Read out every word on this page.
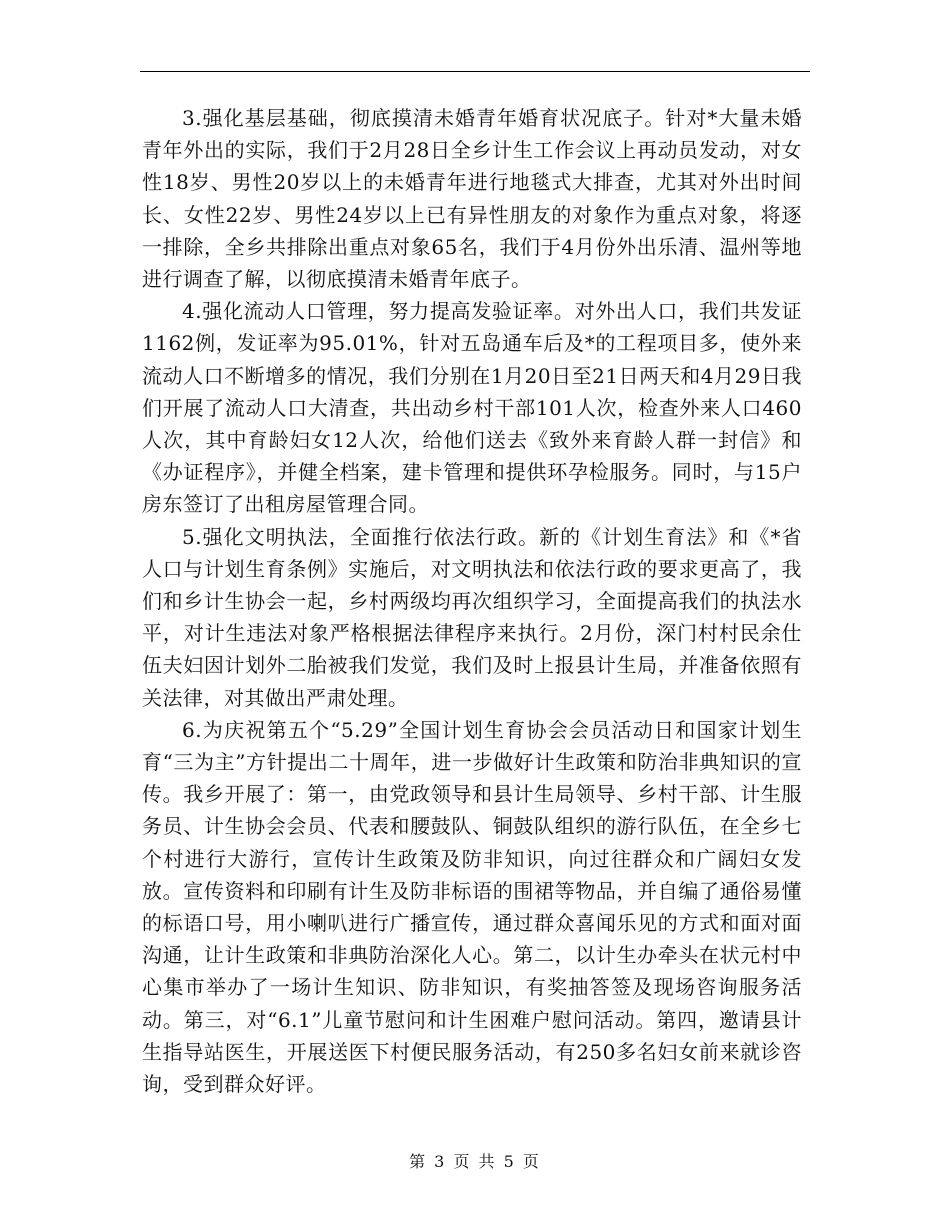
3.强化基层基础，彻底摸清未婚青年婚育状况底子。针对*大量未婚青年外出的实际，我们于2月28日全乡计生工作会议上再动员发动，对女性18岁、男性20岁以上的未婚青年进行地毯式大排查，尤其对外出时间长、女性22岁、男性24岁以上已有异性朋友的对象作为重点对象，将逐一排除，全乡共排除出重点对象65名，我们于4月份外出乐清、温州等地进行调查了解，以彻底摸清未婚青年底子。

4.强化流动人口管理，努力提高发验证率。对外出人口，我们共发证1162例，发证率为95.01%，针对五岛通车后及*的工程项目多，使外来流动人口不断增多的情况，我们分别在1月20日至21日两天和4月29日我们开展了流动人口大清查，共出动乡村干部101人次，检查外来人口460人次，其中育龄妇女12人次，给他们送去《致外来育龄人群一封信》和《办证程序》，并健全档案，建卡管理和提供环孕检服务。同时，与15户房东签订了出租房屋管理合同。

5.强化文明执法，全面推行依法行政。新的《计划生育法》和《*省人口与计划生育条例》实施后，对文明执法和依法行政的要求更高了，我们和乡计生协会一起，乡村两级均再次组织学习，全面提高我们的执法水平，对计生违法对象严格根据法律程序来执行。2月份，深门村村民余仕伍夫妇因计划外二胎被我们发觉，我们及时上报县计生局，并准备依照有关法律，对其做出严肃处理。

6.为庆祝第五个“5.29”全国计划生育协会会员活动日和国家计划生育“三为主”方针提出二十周年，进一步做好计生政策和防治非典知识的宣传。我乡开展了：第一，由党政领导和县计生局领导、乡村干部、计生服务员、计生协会会员、代表和腰鼓队、铜鼓队组织的游行队伍，在全乡七个村进行大游行，宣传计生政策及防非知识，向过往群众和广阔妇女发放。宣传资料和印刷有计生及防非标语的围裙等物品，并自编了通俗易懂的标语口号，用小喇叭进行广播宣传，通过群众喜闻乐见的方式和面对面沟通，让计生政策和非典防治深化人心。第二，以计生办牵头在状元村中心集市举办了一场计生知识、防非知识，有奖抽答签及现场咨询服务活动。第三，对“6.1”儿童节慰问和计生困难户慰问活动。第四，邀请县计生指导站医生，开展送医下村便民服务活动，有250多名妇女前来就诊咨询，受到群众好评。

第 3 页 共 5 页
